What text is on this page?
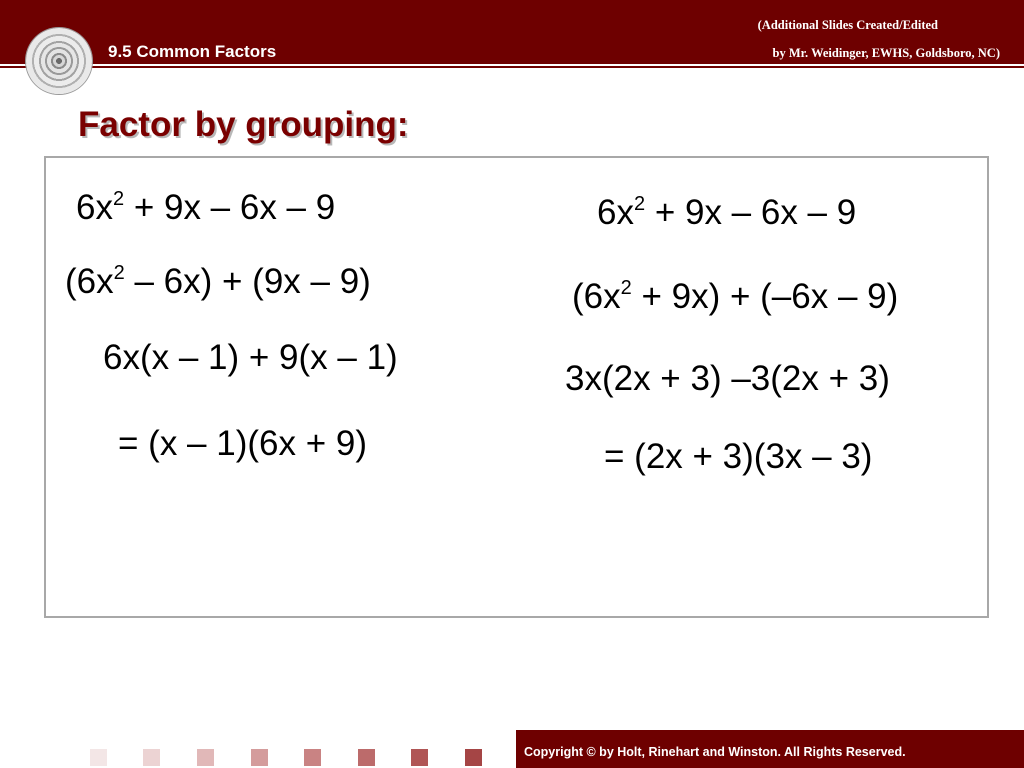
9.5 Common Factors
(Additional Slides Created/Edited
by Mr. Weidinger, EWHS, Goldsboro, NC)
Factor by grouping:
$6x^2 + 9x - 6x - 9$
$(6x^2 - 6x) + (9x - 9)$
6x(x – 1) + 9(x – 1)
= (x – 1)(6x + 9)
$6x^2 + 9x - 6x - 9$
$(6x^2 + 9x) + (-6x - 9)$
3x(2x + 3) –3(2x + 3)
= (2x + 3)(3x – 3)
Copyright © by Holt, Rinehart and Winston. All Rights Reserved.
